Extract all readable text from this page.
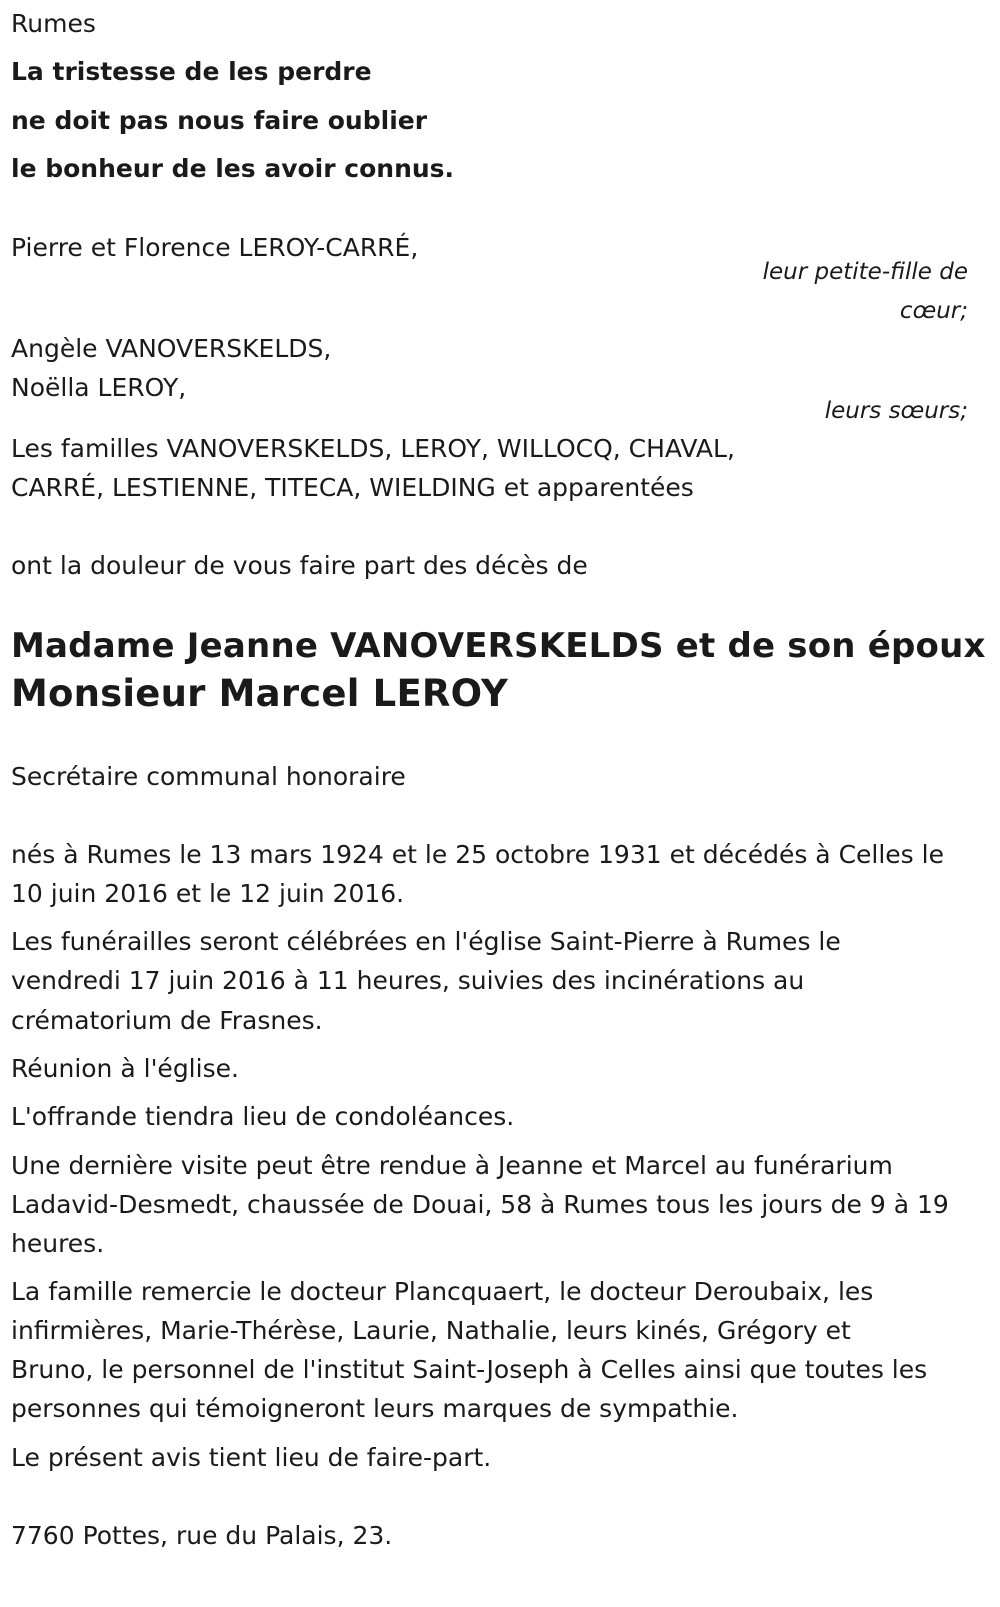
Rumes

La tristesse de les perdre

ne doit pas nous faire oublier

le bonheur de les avoir connus.

Pierre et Florence LEROY-CARRÉ,

leur petite-fille de

cœur;

Angèle VANOVERSKELDS,

Noëlla LEROY,

leurs sœurs;

Les familles VANOVERSKELDS, LEROY, WILLOCQ, CHAVAL,

CARRÉ, LESTIENNE, TITECA, WIELDING et apparentées

ont la douleur de vous faire part des décès de

Madame Jeanne VANOVERSKELDS et de son époux

Monsieur Marcel LEROY

Secrétaire communal honoraire

nés à Rumes le 13 mars 1924 et le 25 octobre 1931 et décédés à Celles le

10 juin 2016 et le 12 juin 2016.

Les funérailles seront célébrées en l'église Saint-Pierre à Rumes le

vendredi 17 juin 2016 à 11 heures, suivies des incinérations au

crématorium de Frasnes.

Réunion à l'église.

L'offrande tiendra lieu de condoléances.

Une dernière visite peut être rendue à Jeanne et Marcel au funérarium

Ladavid-Desmedt, chaussée de Douai, 58 à Rumes tous les jours de 9 à 19

heures.

La famille remercie le docteur Plancquaert, le docteur Deroubaix, les

infirmières, Marie-Thérèse, Laurie, Nathalie, leurs kinés, Grégory et

Bruno, le personnel de l'institut Saint-Joseph à Celles ainsi que toutes les

personnes qui témoigneront leurs marques de sympathie.

Le présent avis tient lieu de faire-part.

7760 Pottes, rue du Palais, 23.
